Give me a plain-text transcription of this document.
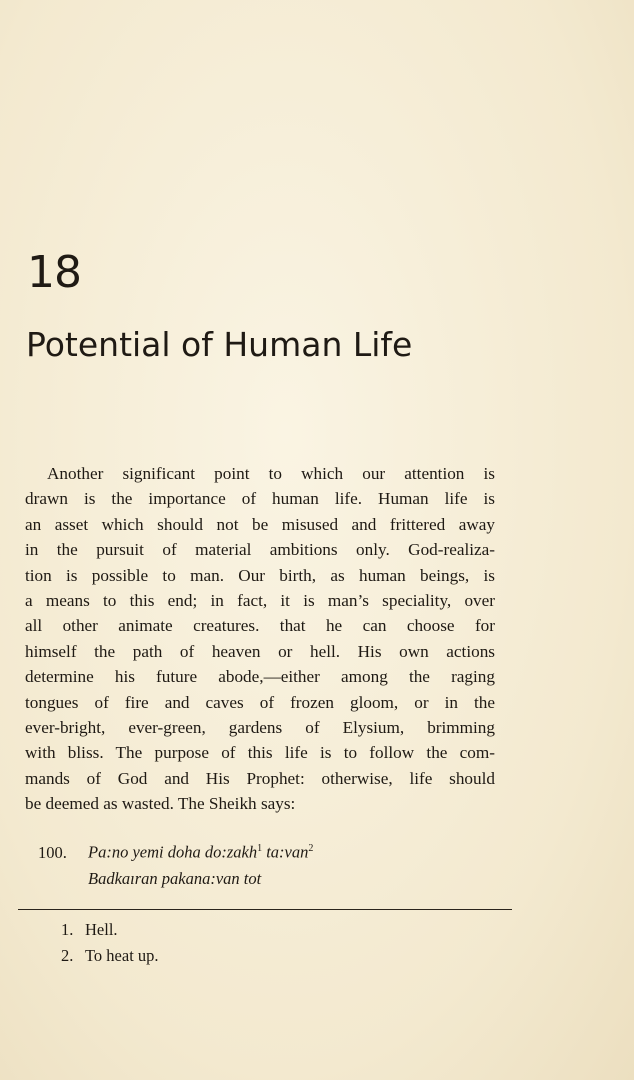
18
Potential of Human Life
Another significant point to which our attention is
drawn is the importance of human life. Human life is
an asset which should not be misused and frittered away
in the pursuit of material ambitions only. God-realiza-
tion is possible to man. Our birth, as human beings, is
a means to this end; in fact, it is man’s speciality, over
all other animate creatures. that he can choose for
himself the path of heaven or hell. His own actions
determine his future abode,—either among the raging
tongues of fire and caves of frozen gloom, or in the
ever-bright, ever-green, gardens of Elysium, brimming
with bliss. The purpose of this life is to follow the com-
mands of God and His Prophet: otherwise, life should
be deemed as wasted. The Sheikh says:
100. Pa:no yemi doha do:zakh$^1$ ta:van$^2$
Badkaıran pakana:van tot
1. Hell.
2. To heat up.
